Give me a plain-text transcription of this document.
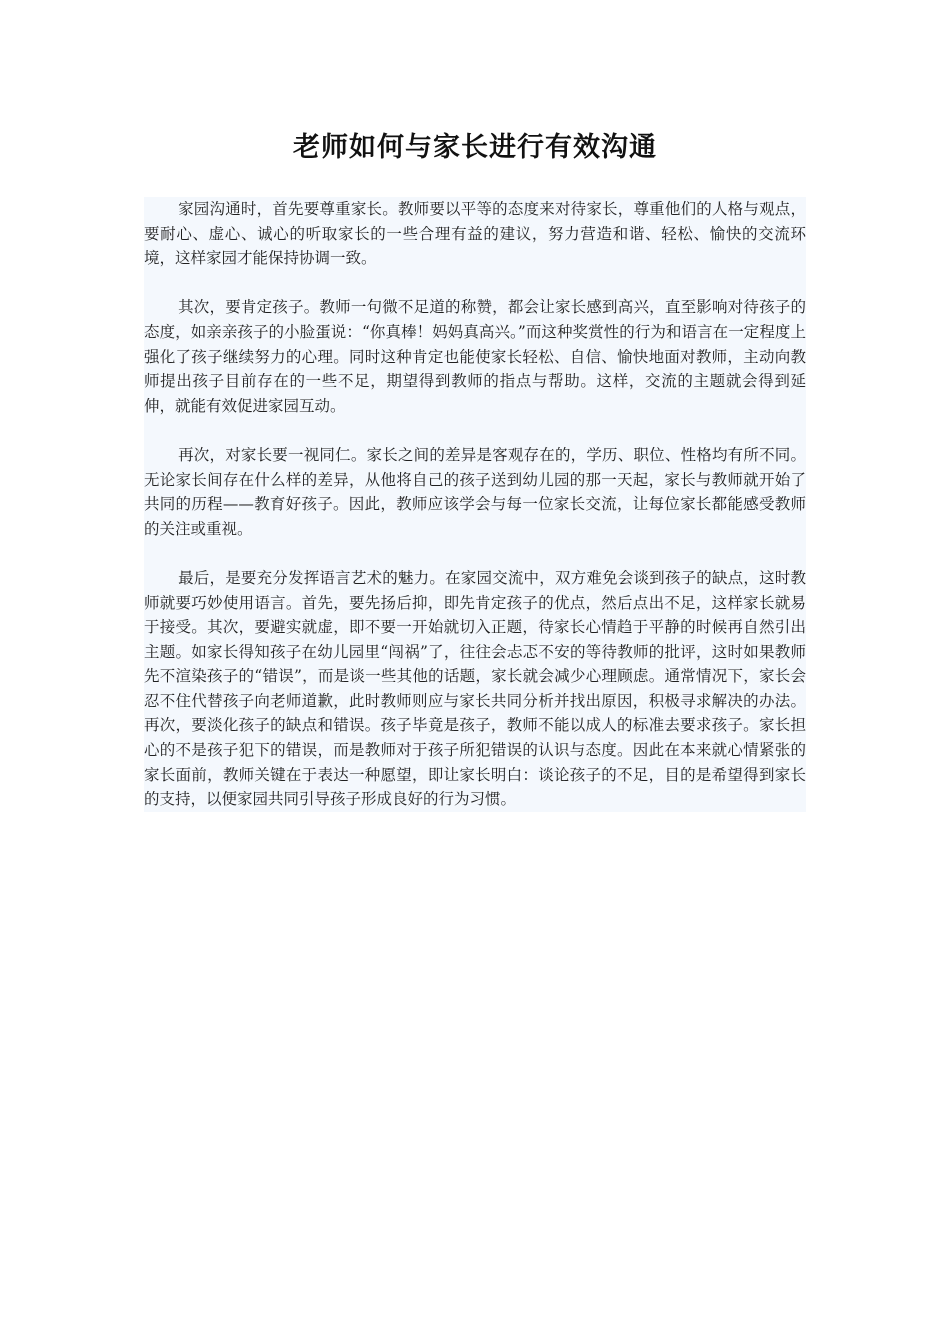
老师如何与家长进行有效沟通

家园沟通时，首先要尊重家长。教师要以平等的态度来对待家长，尊重他们的人格与观点，要耐心、虚心、诚心的听取家长的一些合理有益的建议，努力营造和谐、轻松、愉快的交流环境，这样家园才能保持协调一致。

其次，要肯定孩子。教师一句微不足道的称赞，都会让家长感到高兴，直至影响对待孩子的态度，如亲亲孩子的小脸蛋说：“你真棒！妈妈真高兴。”而这种奖赏性的行为和语言在一定程度上强化了孩子继续努力的心理。同时这种肯定也能使家长轻松、自信、愉快地面对教师，主动向教师提出孩子目前存在的一些不足，期望得到教师的指点与帮助。这样，交流的主题就会得到延伸，就能有效促进家园互动。

再次，对家长要一视同仁。家长之间的差异是客观存在的，学历、职位、性格均有所不同。无论家长间存在什么样的差异，从他将自己的孩子送到幼儿园的那一天起，家长与教师就开始了共同的历程——教育好孩子。因此，教师应该学会与每一位家长交流，让每位家长都能感受教师的关注或重视。

最后，是要充分发挥语言艺术的魅力。在家园交流中，双方难免会谈到孩子的缺点，这时教师就要巧妙使用语言。首先，要先扬后抑，即先肯定孩子的优点，然后点出不足，这样家长就易于接受。其次，要避实就虚，即不要一开始就切入正题，待家长心情趋于平静的时候再自然引出主题。如家长得知孩子在幼儿园里“闯祸”了，往往会忐忑不安的等待教师的批评，这时如果教师先不渲染孩子的“错误”，而是谈一些其他的话题，家长就会减少心理顾虑。通常情况下，家长会忍不住代替孩子向老师道歉，此时教师则应与家长共同分析并找出原因，积极寻求解决的办法。再次，要淡化孩子的缺点和错误。孩子毕竟是孩子，教师不能以成人的标准去要求孩子。家长担心的不是孩子犯下的错误，而是教师对于孩子所犯错误的认识与态度。因此在本来就心情紧张的家长面前，教师关键在于表达一种愿望，即让家长明白：谈论孩子的不足，目的是希望得到家长的支持，以便家园共同引导孩子形成良好的行为习惯。
